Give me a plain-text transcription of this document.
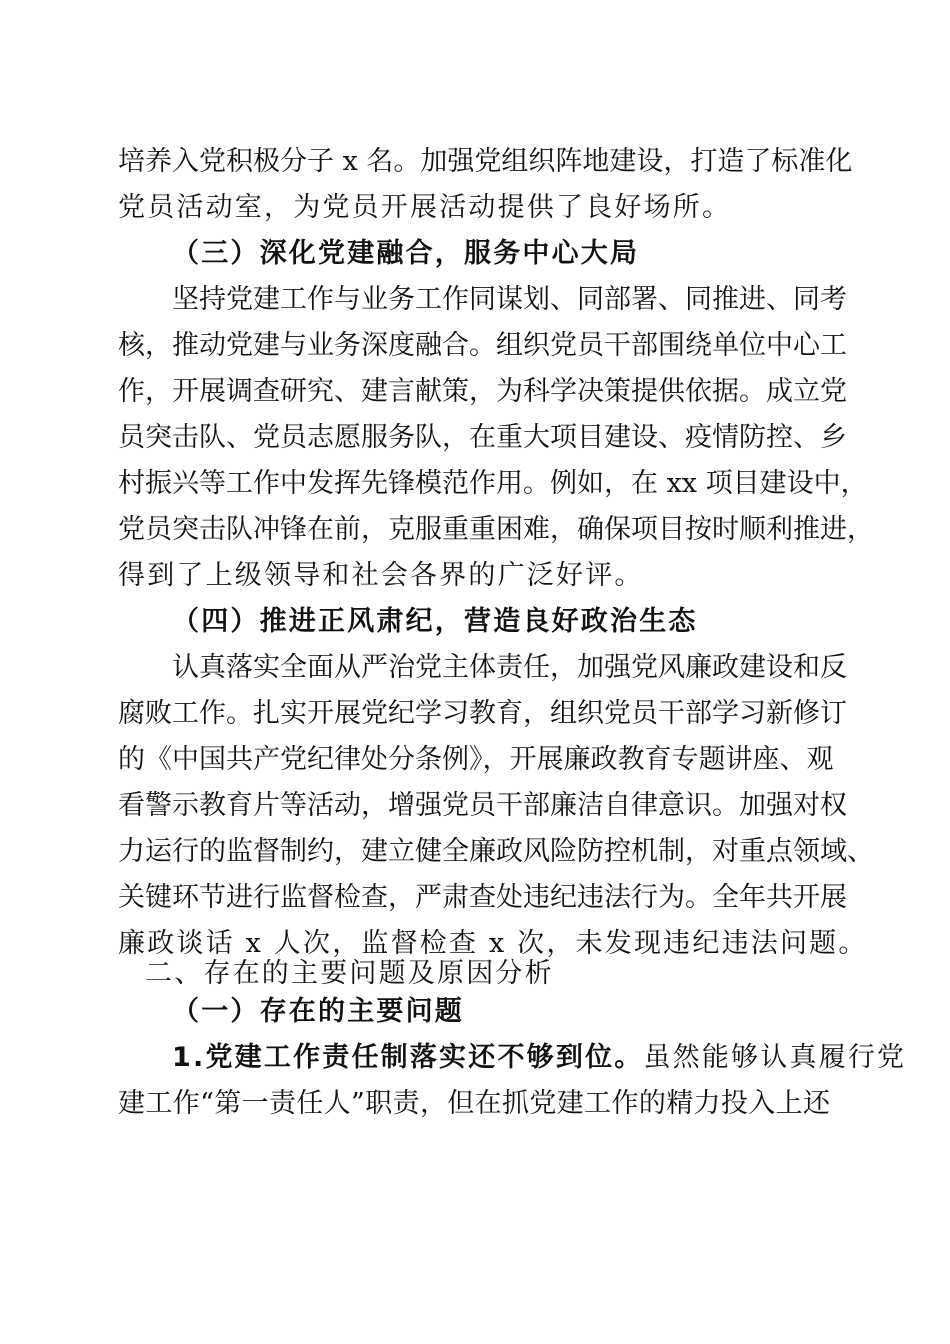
培养入党积极分子 x 名。加强党组织阵地建设，打造了标准化
党员活动室，为党员开展活动提供了良好场所。
（三）深化党建融合，服务中心大局
坚持党建工作与业务工作同谋划、同部署、同推进、同考
核，推动党建与业务深度融合。组织党员干部围绕单位中心工
作，开展调查研究、建言献策，为科学决策提供依据。成立党
员突击队、党员志愿服务队，在重大项目建设、疫情防控、乡
村振兴等工作中发挥先锋模范作用。例如，在 xx 项目建设中，
党员突击队冲锋在前，克服重重困难，确保项目按时顺利推进，
得到了上级领导和社会各界的广泛好评。
（四）推进正风肃纪，营造良好政治生态
认真落实全面从严治党主体责任，加强党风廉政建设和反
腐败工作。扎实开展党纪学习教育，组织党员干部学习新修订
的《中国共产党纪律处分条例》，开展廉政教育专题讲座、观
看警示教育片等活动，增强党员干部廉洁自律意识。加强对权
力运行的监督制约，建立健全廉政风险防控机制，对重点领域、
关键环节进行监督检查，严肃查处违纪违法行为。全年共开展
廉政谈话 x 人次，监督检查 x 次，未发现违纪违法问题。
二、存在的主要问题及原因分析
（一）存在的主要问题
1.党建工作责任制落实还不够到位。虽然能够认真履行党
建工作“第一责任人”职责，但在抓党建工作的精力投入上还
